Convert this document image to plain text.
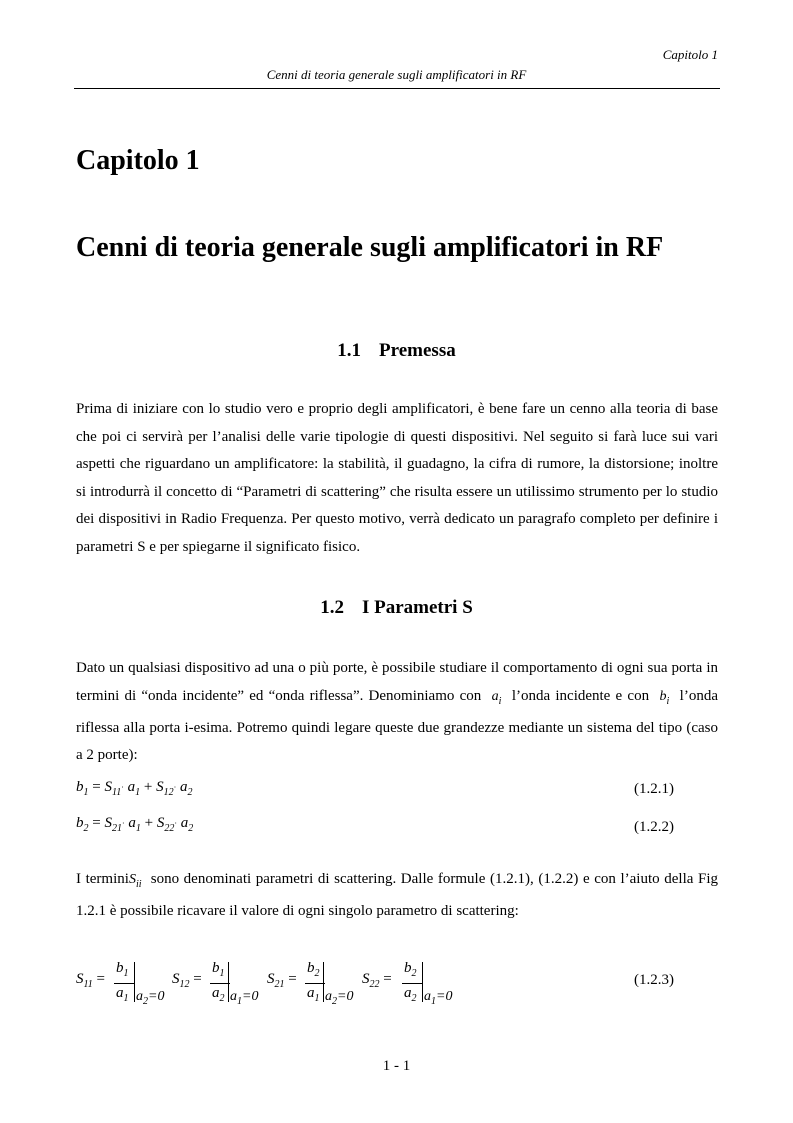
Capitolo 1
Cenni di teoria generale sugli amplificatori in RF
Capitolo 1
Cenni di teoria generale sugli amplificatori in RF
1.1 Premessa

Prima di iniziare con lo studio vero e proprio degli amplificatori, è bene fare un cenno alla teoria di base che poi ci servirà per l’analisi delle varie tipologie di questi dispositivi. Nel seguito si farà luce sui vari aspetti che riguardano un amplificatore: la stabilità, il guadagno, la cifra di rumore, la distorsione; inoltre si introdurrà il concetto di “Parametri di scattering” che risulta essere un utilissimo strumento per lo studio dei dispositivi in Radio Frequenza. Per questo motivo, verrà dedicato un paragrafo completo per definire i parametri S e per spiegarne il significato fisico.

1.2 I Parametri S

Dato un qualsiasi dispositivo ad una o più porte, è possibile studiare il comportamento di ogni sua porta in termini di “onda incidente” ed “onda riflessa”. Denominiamo con $a_i$ l’onda incidente e con $b_i$ l’onda riflessa alla porta i-esima. Potremo quindi legare queste due grandezze mediante un sistema del tipo (caso a 2 porte):

$b_1 = S_{11}\cdot a_1 + S_{12}\cdot a_2$	(1.2.1)
$b_2 = S_{21}\cdot a_1 + S_{22}\cdot a_2$	(1.2.2)

I terminiS$_{ii}$ sono denominati parametri di scattering. Dalle formule (1.2.1), (1.2.2) e con l’aiuto della Fig 1.2.1 è possibile ricavare il valore di ogni singolo parametro di scattering:

$S_{11}$ =
$b_1$
$a_1$ $a_2=0$
$S_{12}$ =
$b_1$
$a_2$ $a_1=0$
$S_{21}$ =
$b_2$
$a_1$ $a_2=0$
$S_{22}$ =
$b_2$
$a_2$ $a_1=0$
(1.2.3)
1 - 1
